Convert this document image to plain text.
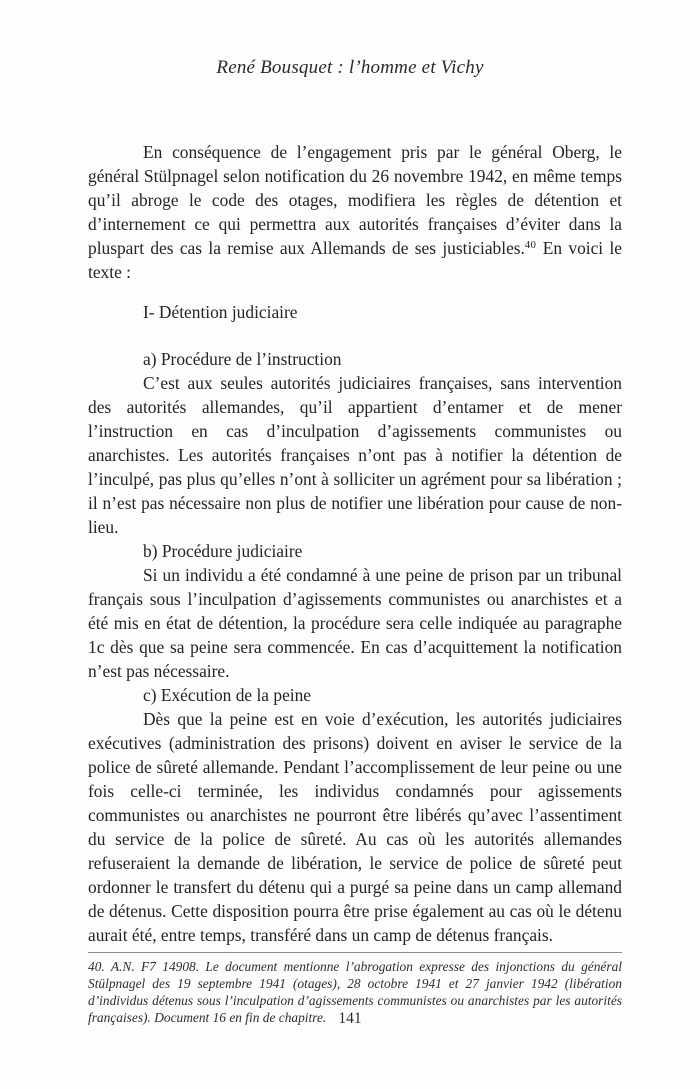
René Bousquet : l’homme et Vichy

En conséquence de l’engagement pris par le général Oberg, le général Stülpnagel selon notification du 26 novembre 1942, en même temps qu’il abroge le code des otages, modifiera les règles de détention et d’internement ce qui permettra aux autorités françaises d’éviter dans la pluspart des cas la remise aux Allemands de ses justiciables.$^{40}$ En voici le texte :

I- Détention judiciaire

a) Procédure de l’instruction

C’est aux seules autorités judiciaires françaises, sans intervention des autorités allemandes, qu’il appartient d’entamer et de mener l’instruction en cas d’inculpation d’agissements communistes ou anarchistes. Les autorités françaises n’ont pas à notifier la détention de l’inculpé, pas plus qu’elles n’ont à solliciter un agrément pour sa libération ; il n’est pas nécessaire non plus de notifier une libération pour cause de non-lieu.

b) Procédure judiciaire

Si un individu a été condamné à une peine de prison par un tribunal français sous l’inculpation d’agissements communistes ou anarchistes et a été mis en état de détention, la procédure sera celle indiquée au paragraphe 1c dès que sa peine sera commencée. En cas d’acquittement la notification n’est pas nécessaire.

c) Exécution de la peine

Dès que la peine est en voie d’exécution, les autorités judiciaires exécutives (administration des prisons) doivent en aviser le service de la police de sûreté allemande. Pendant l’accomplissement de leur peine ou une fois celle-ci terminée, les individus condamnés pour agissements communistes ou anarchistes ne pourront être libérés qu’avec l’assentiment du service de la police de sûreté. Au cas où les autorités allemandes refuseraient la demande de libération, le service de police de sûreté peut ordonner le transfert du détenu qui a purgé sa peine dans un camp allemand de détenus. Cette disposition pourra être prise également au cas où le détenu aurait été, entre temps, transféré dans un camp de détenus français.

40. A.N. F7 14908. Le document mentionne l’abrogation expresse des injonctions du général Stülpnagel des 19 septembre 1941 (otages), 28 octobre 1941 et 27 janvier 1942 (libération d’individus détenus sous l’inculpation d’agissements communistes ou anarchistes par les autorités françaises). Document 16 en fin de chapitre. 141
